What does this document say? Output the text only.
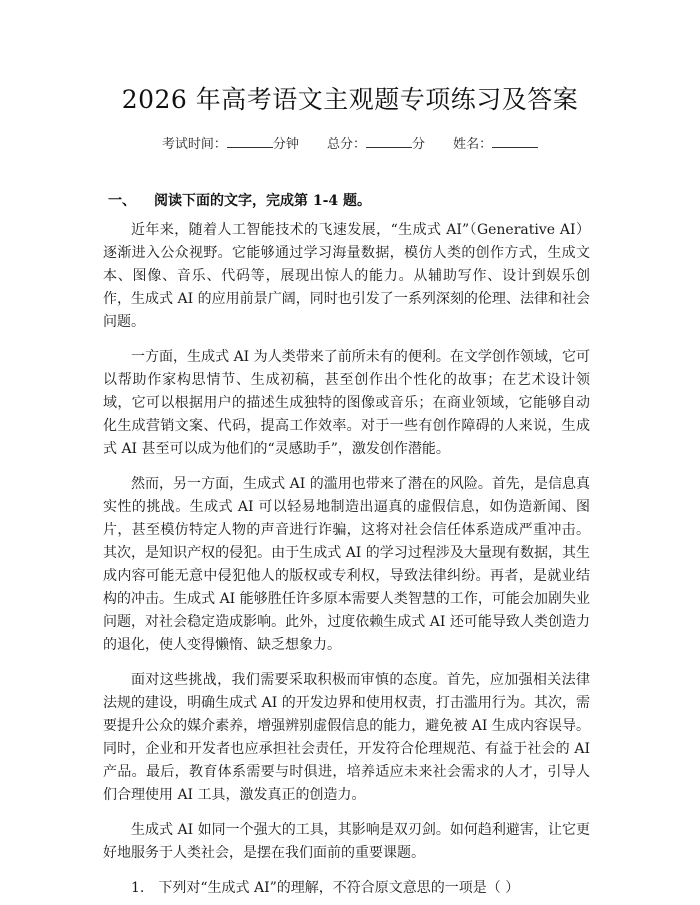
2026 年高考语文主观题专项练习及答案
考试时间：	分钟 总分：	分 姓名：
一、 阅读下面的文字，完成第 1-4 题。

近年来，随着人工智能技术的飞速发展，“生成式 AI”（Generative AI）逐渐进入公众视野。它能够通过学习海量数据，模仿人类的创作方式，生成文本、图像、音乐、代码等，展现出惊人的能力。从辅助写作、设计到娱乐创作，生成式 AI 的应用前景广阔，同时也引发了一系列深刻的伦理、法律和社会问题。

一方面，生成式 AI 为人类带来了前所未有的便利。在文学创作领域，它可以帮助作家构思情节、生成初稿，甚至创作出个性化的故事；在艺术设计领域，它可以根据用户的描述生成独特的图像或音乐；在商业领域，它能够自动化生成营销文案、代码，提高工作效率。对于一些有创作障碍的人来说，生成式 AI 甚至可以成为他们的“灵感助手”，激发创作潜能。

然而，另一方面，生成式 AI 的滥用也带来了潜在的风险。首先，是信息真实性的挑战。生成式 AI 可以轻易地制造出逼真的虚假信息，如伪造新闻、图片，甚至模仿特定人物的声音进行诈骗，这将对社会信任体系造成严重冲击。其次，是知识产权的侵犯。由于生成式 AI 的学习过程涉及大量现有数据，其生成内容可能无意中侵犯他人的版权或专利权，导致法律纠纷。再者，是就业结构的冲击。生成式 AI 能够胜任许多原本需要人类智慧的工作，可能会加剧失业问题，对社会稳定造成影响。此外，过度依赖生成式 AI 还可能导致人类创造力的退化，使人变得懒惰、缺乏想象力。

面对这些挑战，我们需要采取积极而审慎的态度。首先，应加强相关法律法规的建设，明确生成式 AI 的开发边界和使用权责，打击滥用行为。其次，需要提升公众的媒介素养，增强辨别虚假信息的能力，避免被 AI 生成内容误导。同时，企业和开发者也应承担社会责任，开发符合伦理规范、有益于社会的 AI 产品。最后，教育体系需要与时俱进，培养适应未来社会需求的人才，引导人们合理使用 AI 工具，激发真正的创造力。

生成式 AI 如同一个强大的工具，其影响是双刃剑。如何趋利避害，让它更好地服务于人类社会，是摆在我们面前的重要课题。

1. 下列对“生成式 AI”的理解，不符合原文意思的一项是（ ）
